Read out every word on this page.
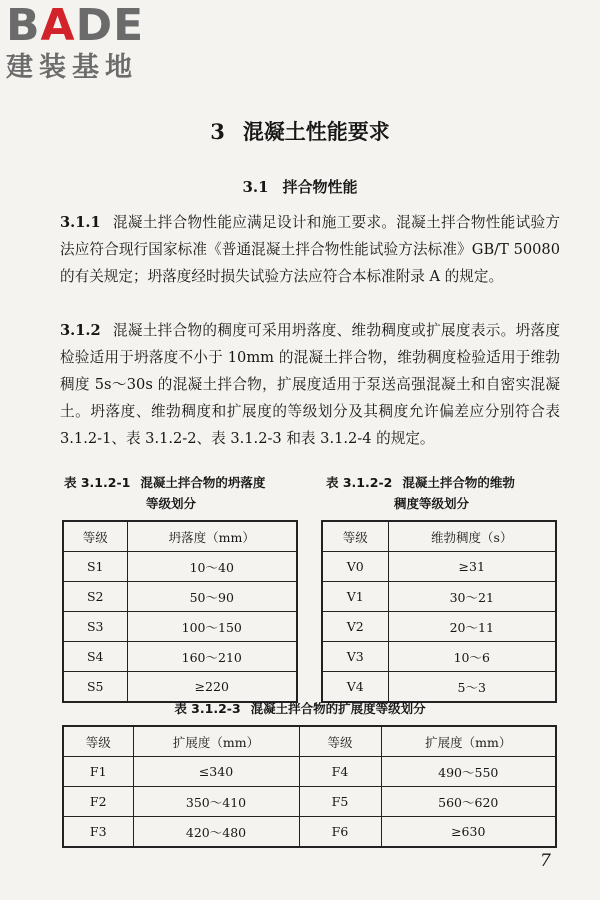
B A DE
建装基地
3 混凝土性能要求
3.1 拌合物性能
3.1.1 混凝土拌合物性能应满足设计和施工要求。混凝土拌合物性能试验方法应符合现行国家标准《普通混凝土拌合物性能试验方法标准》GB/T 50080的有关规定；坍落度经时损失试验方法应符合本标准附录 A 的规定。
3.1.2 混凝土拌合物的稠度可采用坍落度、维勃稠度或扩展度表示。坍落度检验适用于坍落度不小于 10mm 的混凝土拌合物，维勃稠度检验适用于维勃稠度 5s～30s 的混凝土拌合物，扩展度适用于泵送高强混凝土和自密实混凝土。坍落度、维勃稠度和扩展度的等级划分及其稠度允许偏差应分别符合表 3.1.2-1、表 3.1.2-2、表 3.1.2-3 和表 3.1.2-4 的规定。
表 3.1.2-1 混凝土拌合物的坍落度
等级划分
表 3.1.2-2 混凝土拌合物的维勃
稠度等级划分
等级	坍落度（mm）
S1	10～40
S2	50～90
S3	100～150
S4	160～210
S5	≥220
等级	维勃稠度（s）
V0	≥31
V1	30～21
V2	20～11
V3	10～6
V4	5～3
表 3.1.2-3 混凝土拌合物的扩展度等级划分
等级	扩展度（mm）	等级	扩展度（mm）
F1	≤340	F4	490～550
F2	350～410	F5	560～620
F3	420～480	F6	≥630
7
